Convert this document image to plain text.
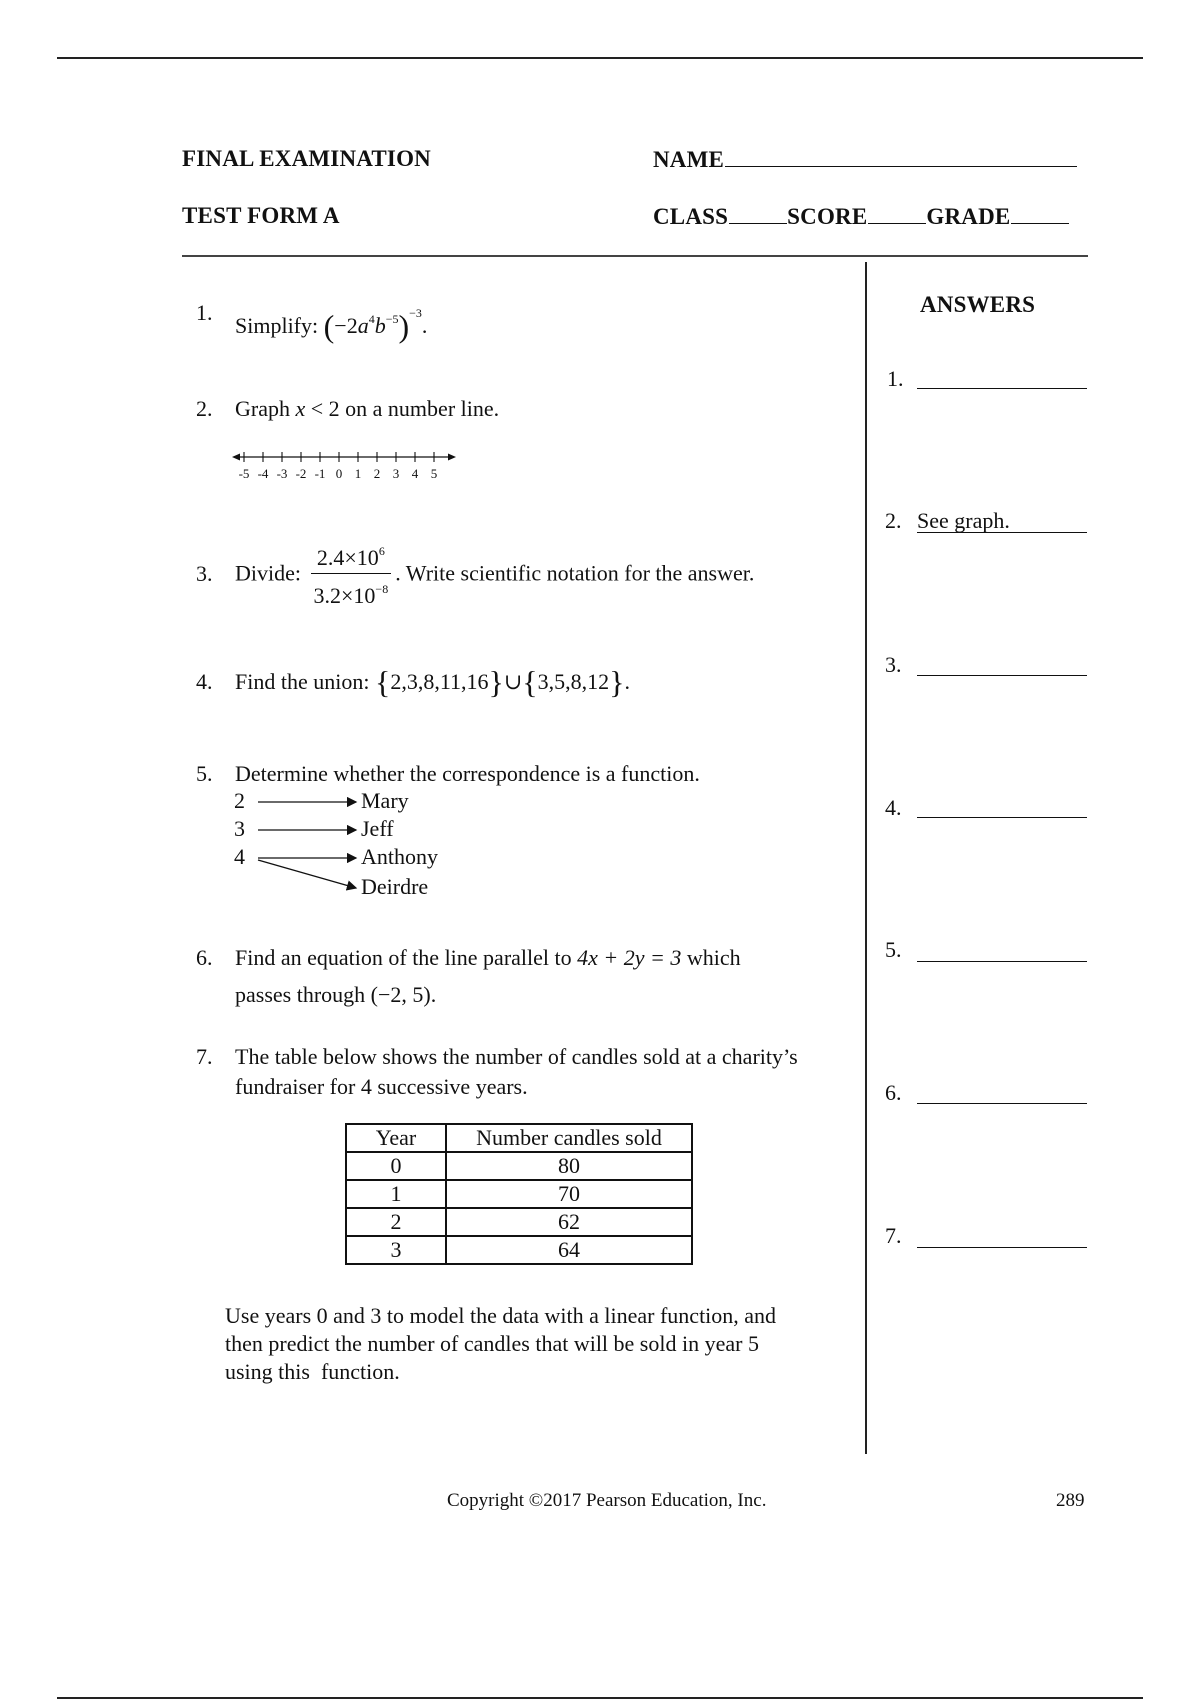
FINAL EXAMINATION
TEST FORM A
NAME
CLASS	SCORE	GRADE
ANSWERS
1.
Simplify: $(-2a^4b^{-5})^{-3}$.
2. Graph x < 2 on a number line.
-5 -4 -3 -2 -1 0 1 2 3 4 5
3. Divide: $\frac{2.4\times 10^6}{3.2\times 10^{-8}}$ . Write scientific notation for the answer.
4. Find the union: {2,3,8,11,16}∪{3,5,8,12}.
5. Determine whether the correspondence is a function.
2
3
4
Mary
Jeff
Anthony
Deirdre
6. Find an equation of the line parallel to 4x + 2y = 3 which
passes through (−2, 5).
7. The table below shows the number of candles sold at a charity’s
fundraiser for 4 successive years.
Year	Number candles sold
0	80
1	70
2	62
3	64
Use years 0 and 3 to model the data with a linear function, and
then predict the number of candles that will be sold in year 5
using this  function.
1.
2. See graph.
3.
4.
5.
6.
7.
Copyright ©2017 Pearson Education, Inc.	289
